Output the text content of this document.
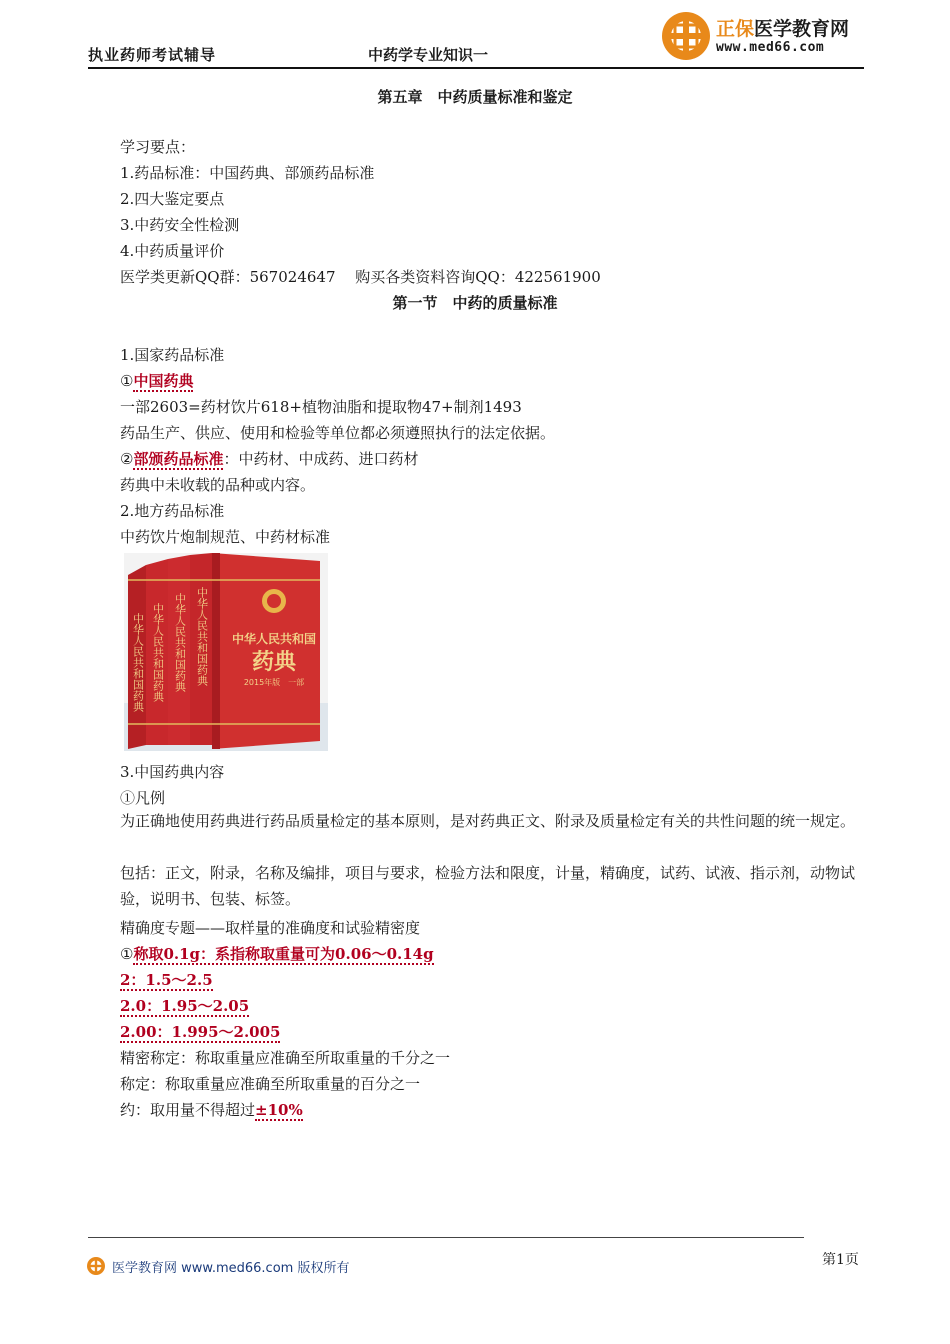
执业药师考试辅导	中药学专业知识一
正保医学教育网
www.med66.com
第五章　中药质量标准和鉴定
学习要点：
1.药品标准：中国药典、部颁药品标准
2.四大鉴定要点
3.中药安全性检测
4.中药质量评价
医学类更新QQ群：567024647　 购买各类资料咨询QQ：422561900
第一节　中药的质量标准
1.国家药品标准
①中国药典
一部2603=药材饮片618+植物油脂和提取物47+制剂1493
药品生产、供应、使用和检验等单位都必须遵照执行的法定依据。
②部颁药品标准：中药材、中成药、进口药材
药典中未收载的品种或内容。
2.地方药品标准
中药饮片炮制规范、中药材标准
中华人民共和国药典 中华人民共和国药典 中华人民共和国药典 中华人民共和国药典 中华人民共和国
药典
2015年版　一部
3.中国药典内容
①凡例
为正确地使用药典进行药品质量检定的基本原则，是对药典正文、附录及质量检定有关的共性问题的统一规定。
包括：正文，附录，名称及编排，项目与要求，检验方法和限度，计量，精确度，试药、试液、指示剂，动物试验，说明书、包装、标签。
精确度专题——取样量的准确度和试验精密度
①称取0.1g：系指称取重量可为0.06～0.14g
2：1.5～2.5
2.0：1.95～2.05
2.00：1.995～2.005
精密称定：称取重量应准确至所取重量的千分之一
称定：称取重量应准确至所取重量的百分之一
约：取用量不得超过±10%
医学教育网 www.med66.com 版权所有
第1页
